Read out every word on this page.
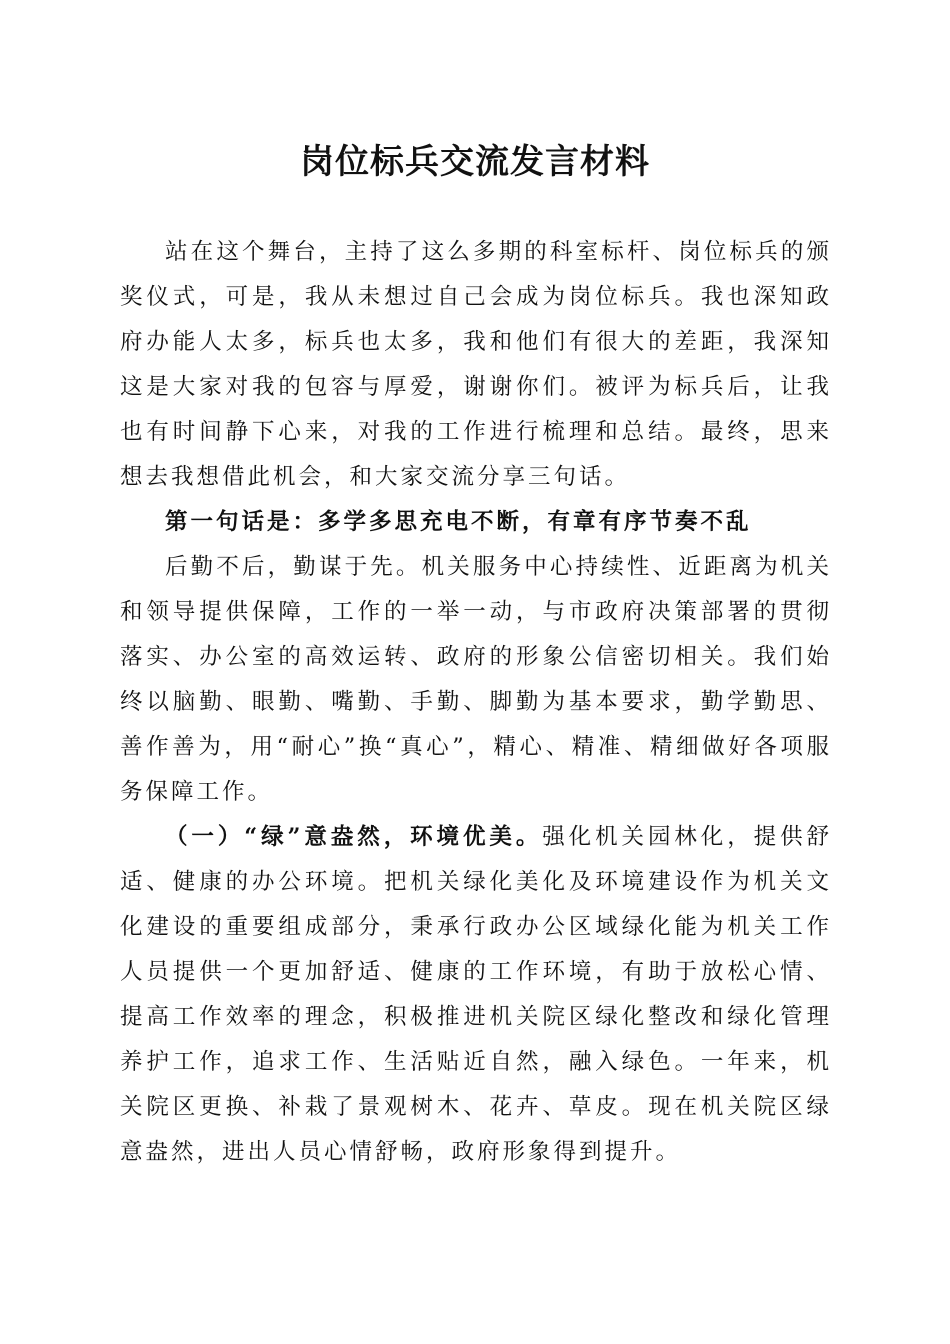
岗位标兵交流发言材料

站在这个舞台，主持了这么多期的科室标杆、岗位标兵的颁奖仪式，可是，我从未想过自己会成为岗位标兵。我也深知政府办能人太多，标兵也太多，我和他们有很大的差距，我深知这是大家对我的包容与厚爱，谢谢你们。被评为标兵后，让我也有时间静下心来，对我的工作进行梳理和总结。最终，思来想去我想借此机会，和大家交流分享三句话。

第一句话是：多学多思充电不断，有章有序节奏不乱

后勤不后，勤谋于先。机关服务中心持续性、近距离为机关和领导提供保障，工作的一举一动，与市政府决策部署的贯彻落实、办公室的高效运转、政府的形象公信密切相关。我们始终以脑勤、眼勤、嘴勤、手勤、脚勤为基本要求，勤学勤思、善作善为，用“耐心”换“真心”，精心、精准、精细做好各项服务保障工作。

（一）“绿”意盎然，环境优美。强化机关园林化，提供舒适、健康的办公环境。把机关绿化美化及环境建设作为机关文化建设的重要组成部分，秉承行政办公区域绿化能为机关工作人员提供一个更加舒适、健康的工作环境，有助于放松心情、提高工作效率的理念，积极推进机关院区绿化整改和绿化管理养护工作，追求工作、生活贴近自然，融入绿色。一年来，机关院区更换、补栽了景观树木、花卉、草皮。现在机关院区绿意盎然，进出人员心情舒畅，政府形象得到提升。
